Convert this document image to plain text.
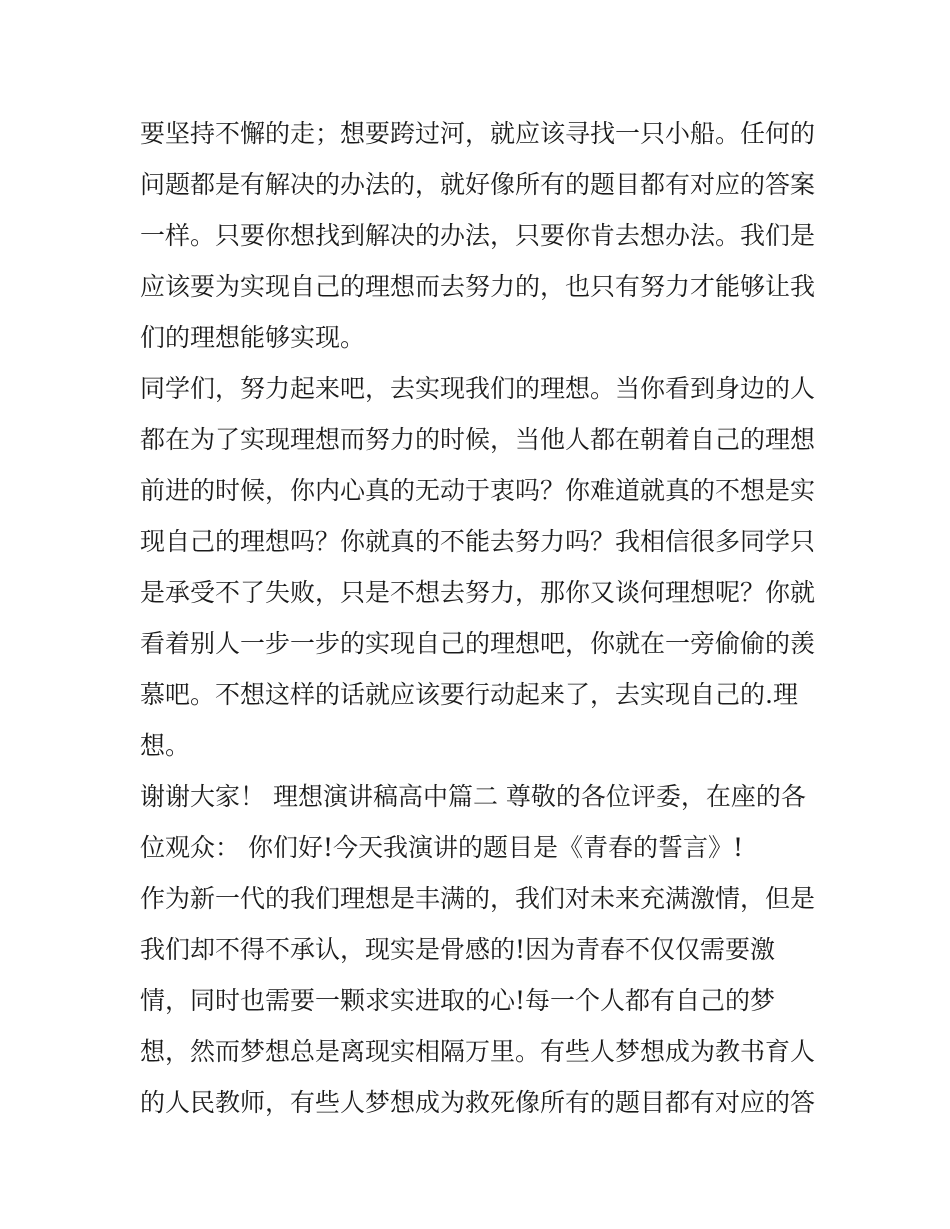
要坚持不懈的走；想要跨过河，就应该寻找一只小船。任何的
问题都是有解决的办法的，就好像所有的题目都有对应的答案
一样。只要你想找到解决的办法，只要你肯去想办法。我们是
应该要为实现自己的理想而去努力的，也只有努力才能够让我
们的理想能够实现。
同学们，努力起来吧，去实现我们的理想。当你看到身边的人
都在为了实现理想而努力的时候，当他人都在朝着自己的理想
前进的时候，你内心真的无动于衷吗？你难道就真的不想是实
现自己的理想吗？你就真的不能去努力吗？我相信很多同学只
是承受不了失败，只是不想去努力，那你又谈何理想呢？你就
看着别人一步一步的实现自己的理想吧，你就在一旁偷偷的羡
慕吧。不想这样的话就应该要行动起来了，去实现自己的.理
想。
谢谢大家！ 理想演讲稿高中篇二 尊敬的各位评委，在座的各
位观众： 你们好!今天我演讲的题目是《青春的誓言》!
作为新一代的我们理想是丰满的，我们对未来充满激情，但是
我们却不得不承认，现实是骨感的!因为青春不仅仅需要激
情，同时也需要一颗求实进取的心!每一个人都有自己的梦
想，然而梦想总是离现实相隔万里。有些人梦想成为教书育人
的人民教师，有些人梦想成为救死像所有的题目都有对应的答
